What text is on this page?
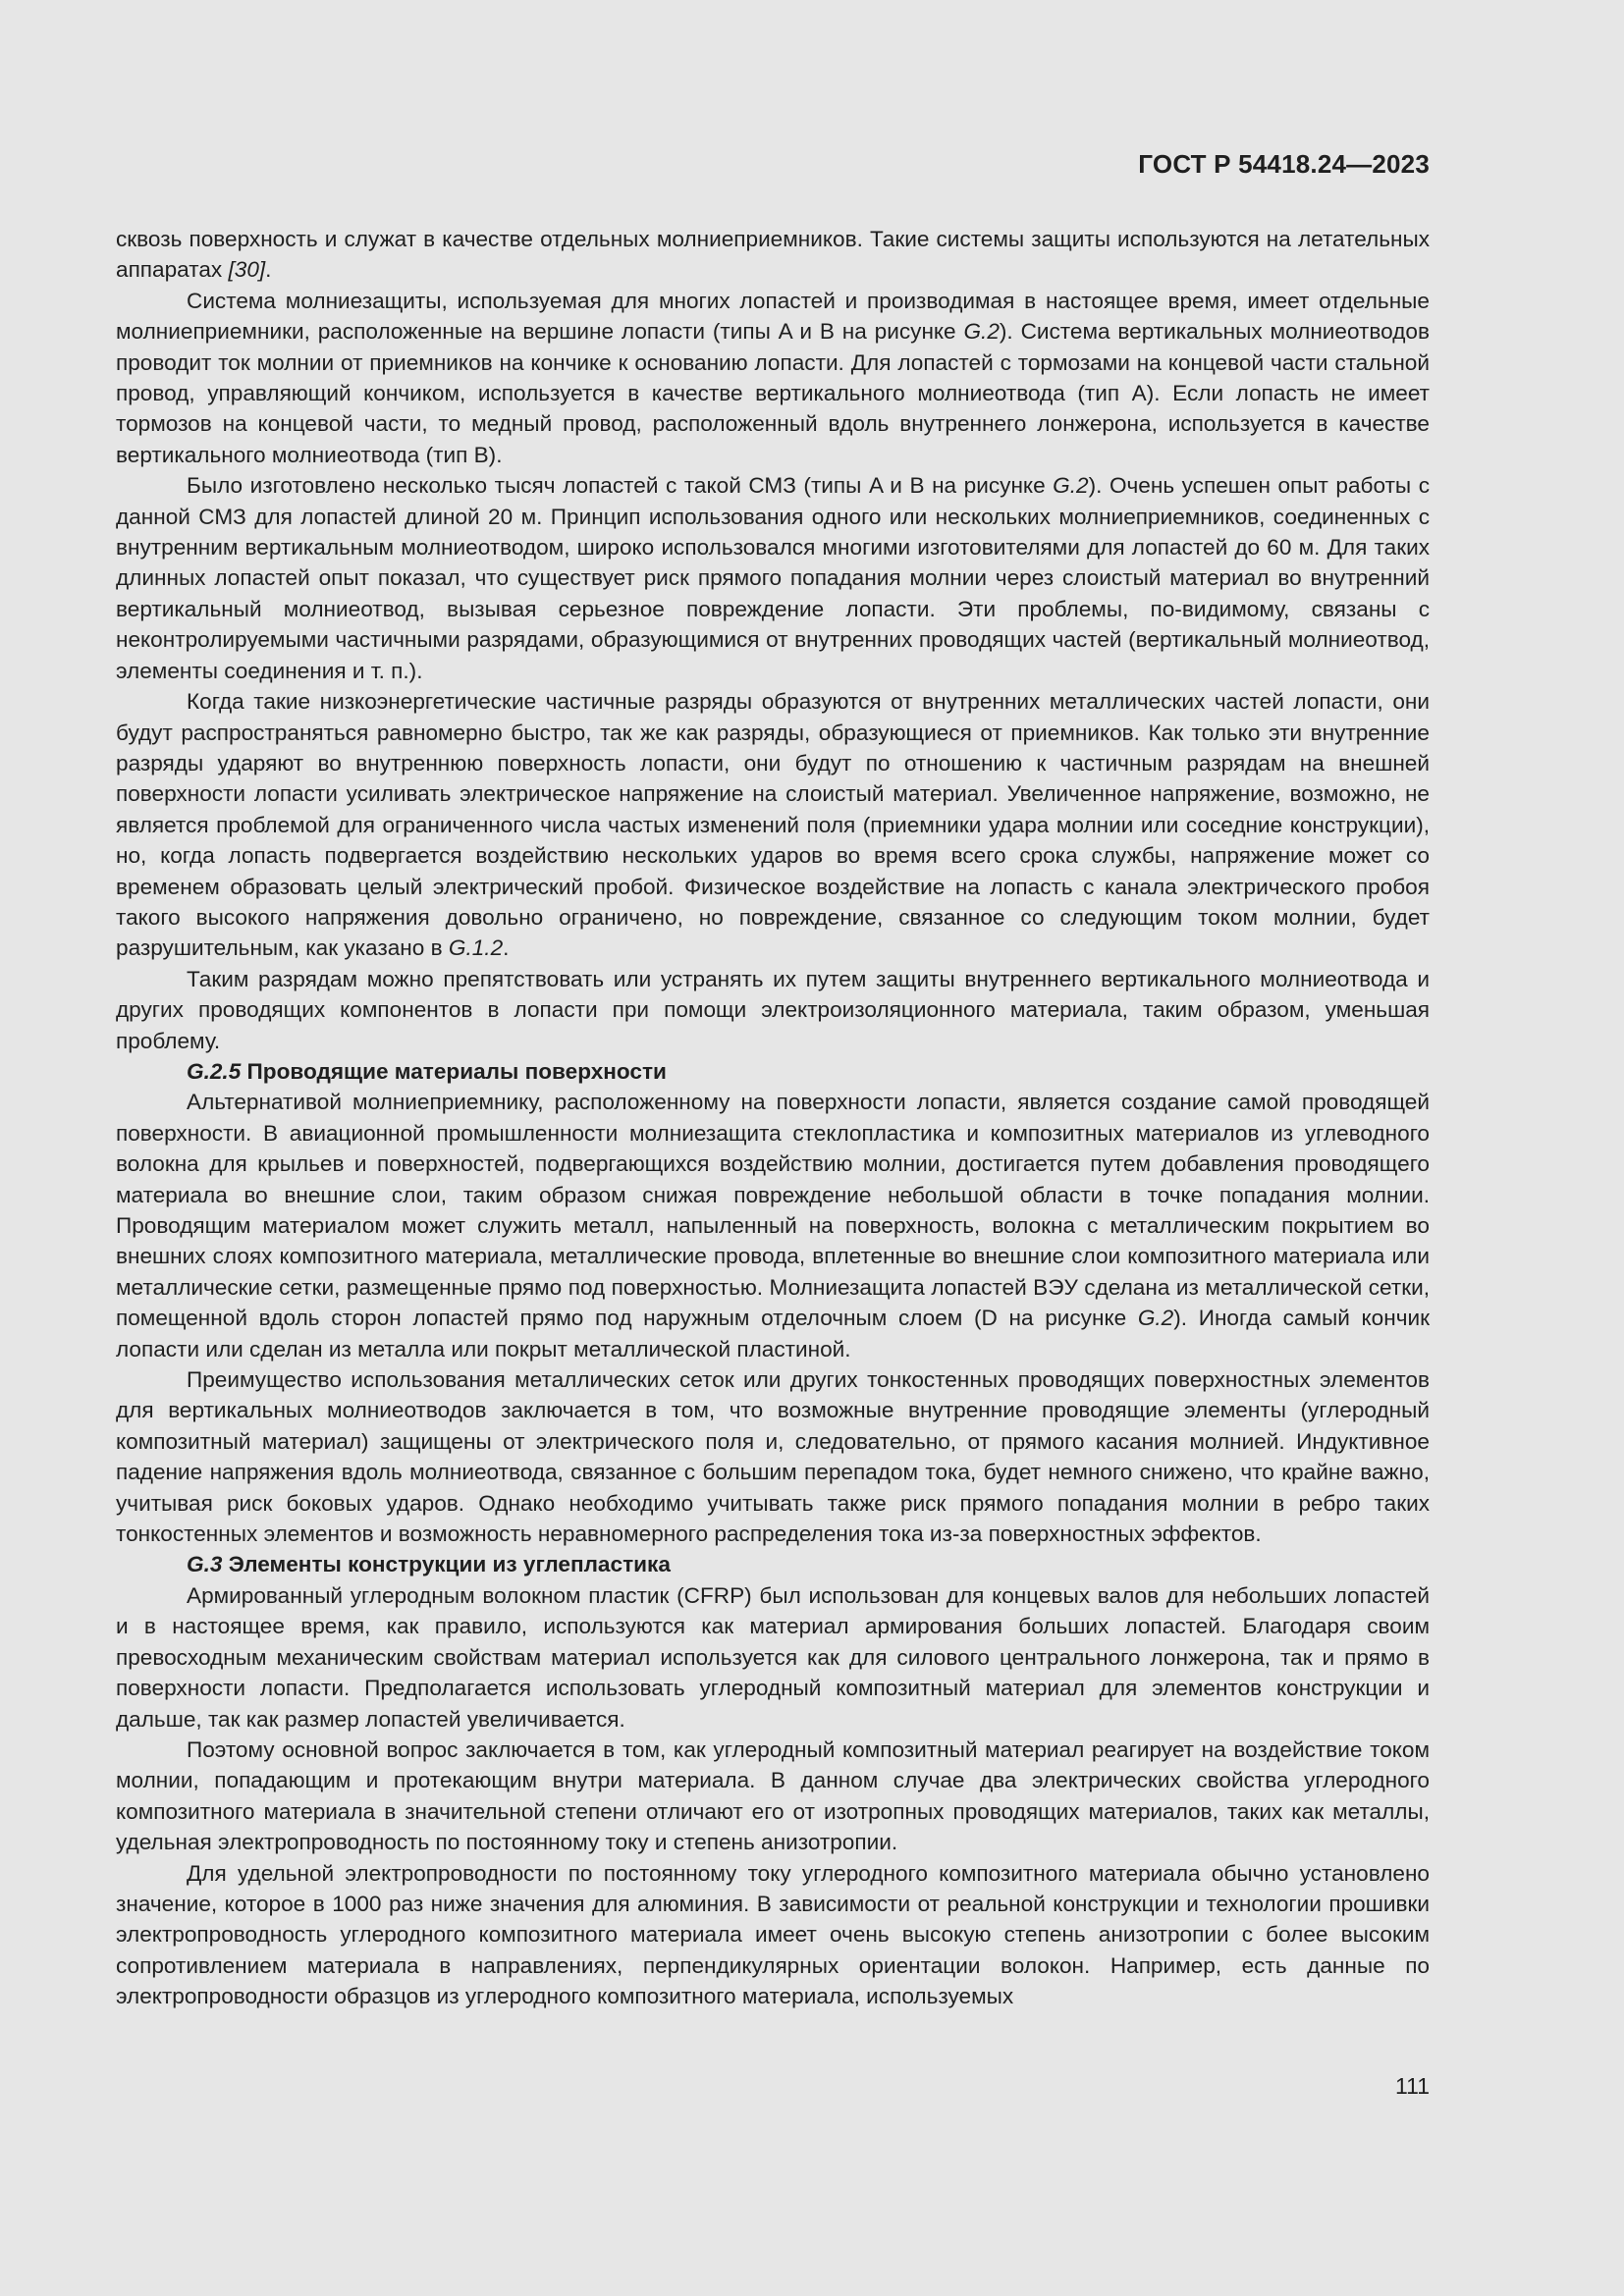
ГОСТ Р 54418.24—2023

сквозь поверхность и служат в качестве отдельных молниеприемников. Такие системы защиты используются на летательных аппаратах [30].

Система молниезащиты, используемая для многих лопастей и производимая в настоящее время, имеет отдельные молниеприемники, расположенные на вершине лопасти (типы A и B на рисунке G.2). Система вертикальных молниеотводов проводит ток молнии от приемников на кончике к основанию лопасти. Для лопастей с тормозами на концевой части стальной провод, управляющий кончиком, используется в качестве вертикального молниеотвода (тип A). Если лопасть не имеет тормозов на концевой части, то медный провод, расположенный вдоль внутреннего лонжерона, используется в качестве вертикального молниеотвода (тип B).

Было изготовлено несколько тысяч лопастей с такой СМЗ (типы A и B на рисунке G.2). Очень успешен опыт работы с данной СМЗ для лопастей длиной 20 м. Принцип использования одного или нескольких молниеприемников, соединенных с внутренним вертикальным молниеотводом, широко использовался многими изготовителями для лопастей до 60 м. Для таких длинных лопастей опыт показал, что существует риск прямого попадания молнии через слоистый материал во внутренний вертикальный молниеотвод, вызывая серьезное повреждение лопасти. Эти проблемы, по-видимому, связаны с неконтролируемыми частичными разрядами, образующимися от внутренних проводящих частей (вертикальный молниеотвод, элементы соединения и т. п.).

Когда такие низкоэнергетические частичные разряды образуются от внутренних металлических частей лопасти, они будут распространяться равномерно быстро, так же как разряды, образующиеся от приемников. Как только эти внутренние разряды ударяют во внутреннюю поверхность лопасти, они будут по отношению к частичным разрядам на внешней поверхности лопасти усиливать электрическое напряжение на слоистый материал. Увеличенное напряжение, возможно, не является проблемой для ограниченного числа частых изменений поля (приемники удара молнии или соседние конструкции), но, когда лопасть подвергается воздействию нескольких ударов во время всего срока службы, напряжение может со временем образовать целый электрический пробой. Физическое воздействие на лопасть с канала электрического пробоя такого высокого напряжения довольно ограничено, но повреждение, связанное со следующим током молнии, будет разрушительным, как указано в G.1.2.

Таким разрядам можно препятствовать или устранять их путем защиты внутреннего вертикального молниеотвода и других проводящих компонентов в лопасти при помощи электроизоляционного материала, таким образом, уменьшая проблему.

G.2.5 Проводящие материалы поверхности

Альтернативой молниеприемнику, расположенному на поверхности лопасти, является создание самой проводящей поверхности. В авиационной промышленности молниезащита стеклопластика и композитных материалов из углеводного волокна для крыльев и поверхностей, подвергающихся воздействию молнии, достигается путем добавления проводящего материала во внешние слои, таким образом снижая повреждение небольшой области в точке попадания молнии. Проводящим материалом может служить металл, напыленный на поверхность, волокна с металлическим покрытием во внешних слоях композитного материала, металлические провода, вплетенные во внешние слои композитного материала или металлические сетки, размещенные прямо под поверхностью. Молниезащита лопастей ВЭУ сделана из металлической сетки, помещенной вдоль сторон лопастей прямо под наружным отделочным слоем (D на рисунке G.2). Иногда самый кончик лопасти или сделан из металла или покрыт металлической пластиной.

Преимущество использования металлических сеток или других тонкостенных проводящих поверхностных элементов для вертикальных молниеотводов заключается в том, что возможные внутренние проводящие элементы (углеродный композитный материал) защищены от электрического поля и, следовательно, от прямого касания молнией. Индуктивное падение напряжения вдоль молниеотвода, связанное с большим перепадом тока, будет немного снижено, что крайне важно, учитывая риск боковых ударов. Однако необходимо учитывать также риск прямого попадания молнии в ребро таких тонкостенных элементов и возможность неравномерного распределения тока из-за поверхностных эффектов.

G.3 Элементы конструкции из углепластика

Армированный углеродным волокном пластик (CFRP) был использован для концевых валов для небольших лопастей и в настоящее время, как правило, используются как материал армирования больших лопастей. Благодаря своим превосходным механическим свойствам материал используется как для силового центрального лонжерона, так и прямо в поверхности лопасти. Предполагается использовать углеродный композитный материал для элементов конструкции и дальше, так как размер лопастей увеличивается.

Поэтому основной вопрос заключается в том, как углеродный композитный материал реагирует на воздействие током молнии, попадающим и протекающим внутри материала. В данном случае два электрических свойства углеродного композитного материала в значительной степени отличают его от изотропных проводящих материалов, таких как металлы, удельная электропроводность по постоянному току и степень анизотропии.

Для удельной электропроводности по постоянному току углеродного композитного материала обычно установлено значение, которое в 1000 раз ниже значения для алюминия. В зависимости от реальной конструкции и технологии прошивки электропроводность углеродного композитного материала имеет очень высокую степень анизотропии с более высоким сопротивлением материала в направлениях, перпендикулярных ориентации волокон. Например, есть данные по электропроводности образцов из углеродного композитного материала, используемых

111
